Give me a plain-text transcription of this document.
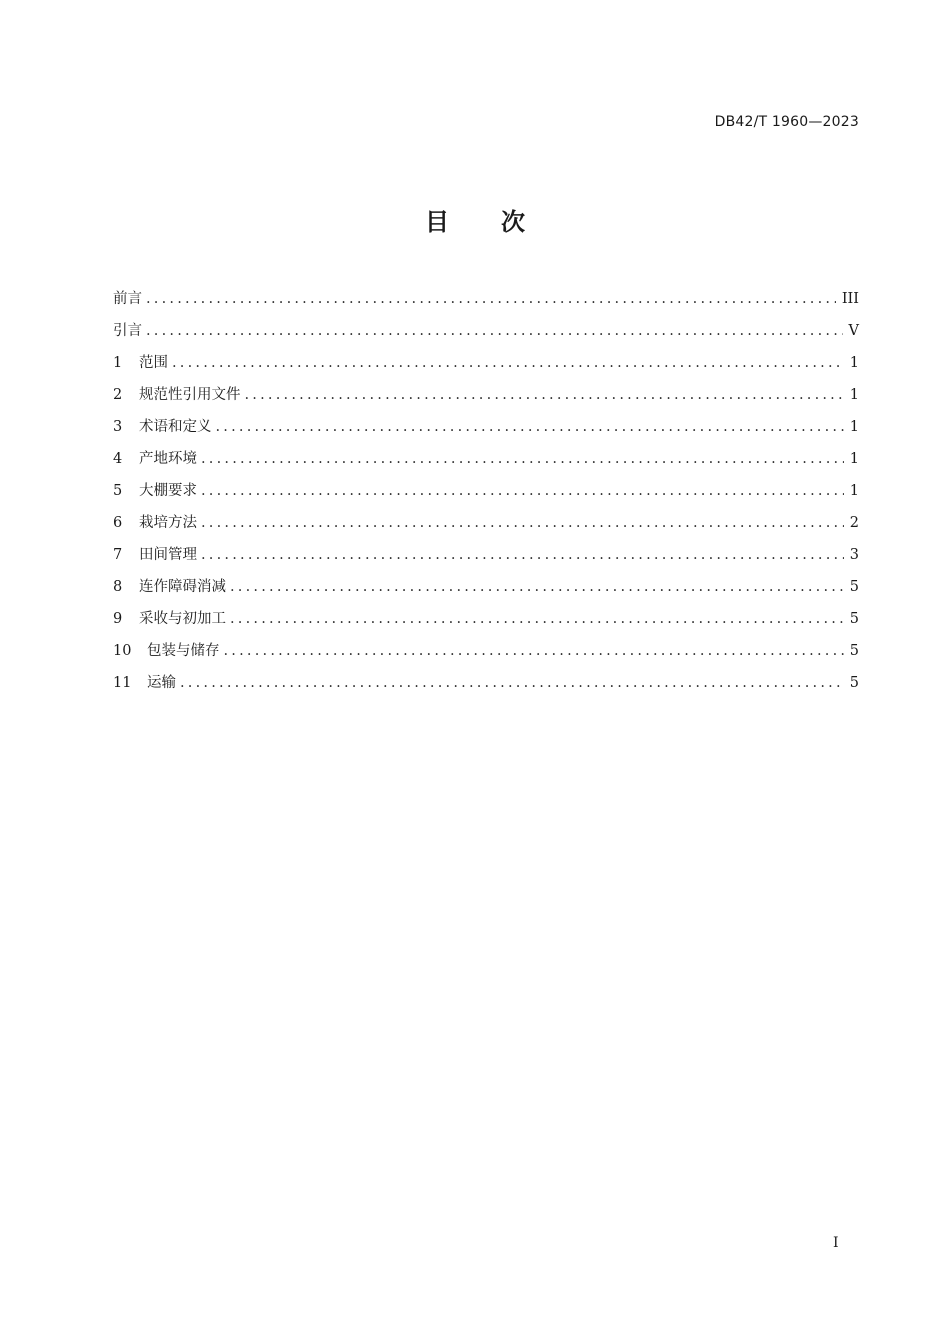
DB42/T 1960—2023
目 次
前言 .....	III
引言 .....	V
1	范围 .....	1
2	规范性引用文件 .....	1
3	术语和定义 .....	1
4	产地环境 .....	1
5	大棚要求 .....	1
6	栽培方法 .....	2
7	田间管理 .....	3
8	连作障碍消减 .....	5
9	采收与初加工 .....	5
10	包装与储存 .....	5
11	运输 .....	5
I
